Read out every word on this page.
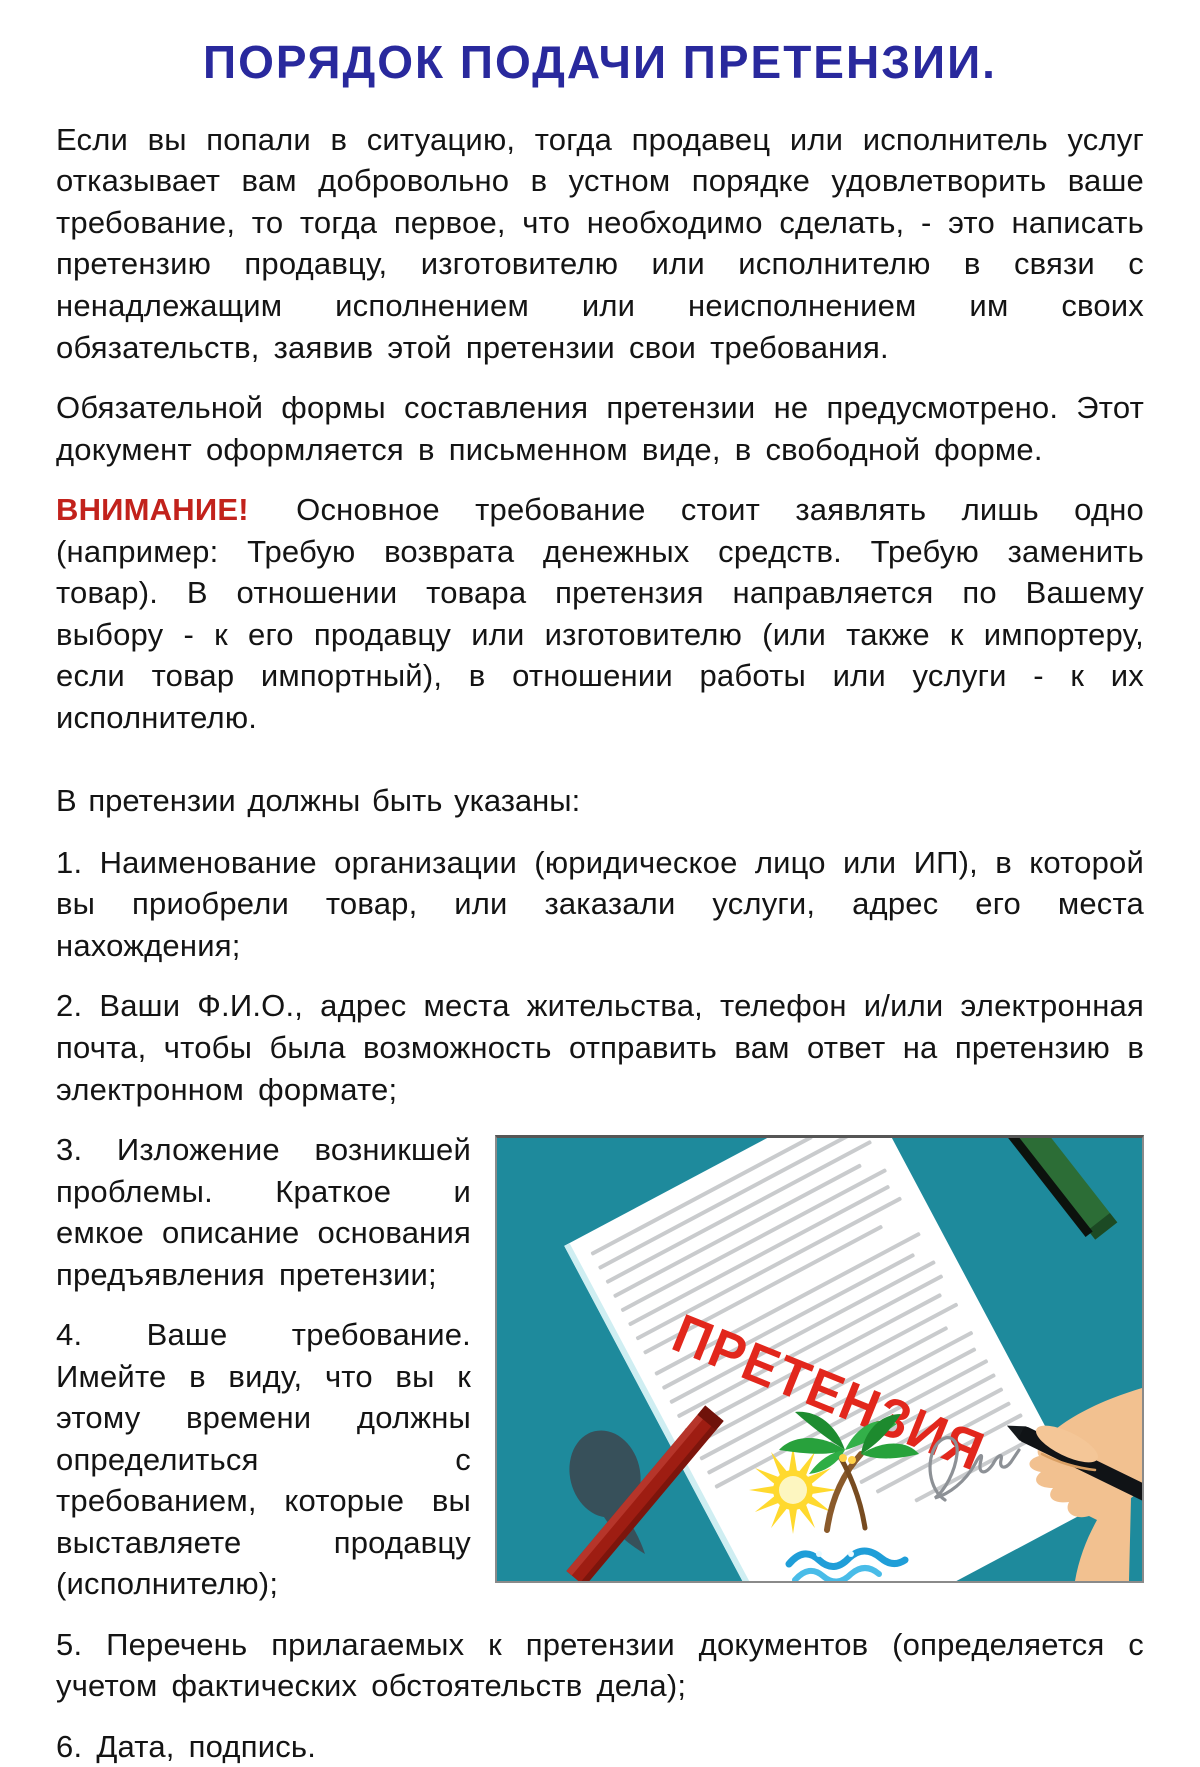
ПОРЯДОК ПОДАЧИ ПРЕТЕНЗИИ.

Если вы попали в ситуацию, тогда продавец или исполнитель услуг отказывает вам добровольно в устном порядке удовлетворить ваше требование, то тогда первое, что необходимо сделать, - это написать претензию продавцу, изготовителю или исполнителю в связи с ненадлежащим исполнением или неисполнением им своих обязательств, заявив этой претензии свои требования.

Обязательной формы составления претензии не предусмотрено. Этот документ оформляется в письменном виде, в свободной форме.

ВНИМАНИЕ! Основное требование стоит заявлять лишь одно (например: Требую возврата денежных средств. Требую заменить товар). В отношении товара претензия направляется по Вашему выбору - к его продавцу или изготовителю (или также к импортеру, если товар импортный), в отношении работы или услуги - к их исполнителю.

В претензии должны быть указаны:

1. Наименование организации (юридическое лицо или ИП), в которой вы приобрели товар, или заказали услуги, адрес его места нахождения;

2. Ваши Ф.И.О., адрес места жительства, телефон и/или электронная почта, чтобы была возможность отправить вам ответ на претензию в электронном формате;

ПРЕТЕНЗИЯ

3. Изложение возникшей проблемы. Краткое и емкое описание основания предъявления претензии;

4. Ваше требование. Имейте в виду, что вы к этому времени должны определиться с требованием, которые вы выставляете продавцу (исполнителю);

5. Перечень прилагаемых к претензии документов (определяется с учетом фактических обстоятельств дела);

6. Дата, подпись.
